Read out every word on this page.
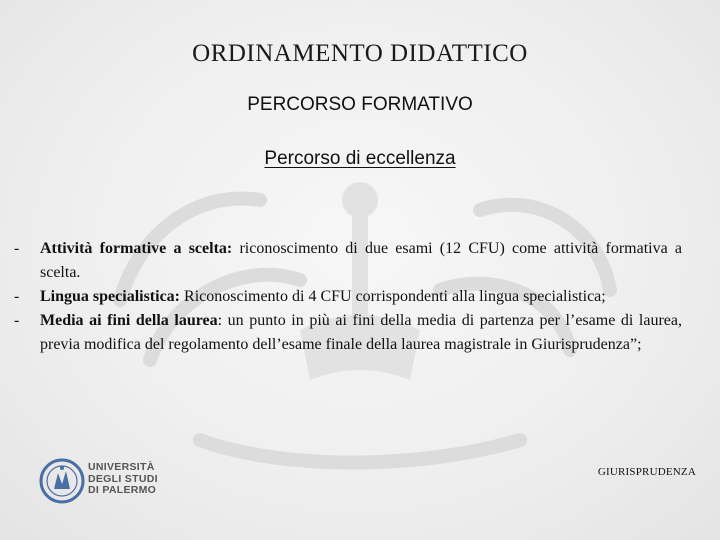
ORDINAMENTO DIDATTICO
PERCORSO FORMATIVO
Percorso di eccellenza
- Attività formative a scelta: riconoscimento di due esami (12 CFU) come attività formativa a scelta.
- Lingua specialistica: Riconoscimento di 4 CFU corrispondenti alla lingua specialistica;
- Media ai fini della laurea: un punto in più ai fini della media di partenza per l’esame di laurea, previa modifica del regolamento dell’esame finale della laurea magistrale in Giurisprudenza”;
UNIVERSITÀ
DEGLI STUDI
DI PALERMO
GIURISPRUDENZA
